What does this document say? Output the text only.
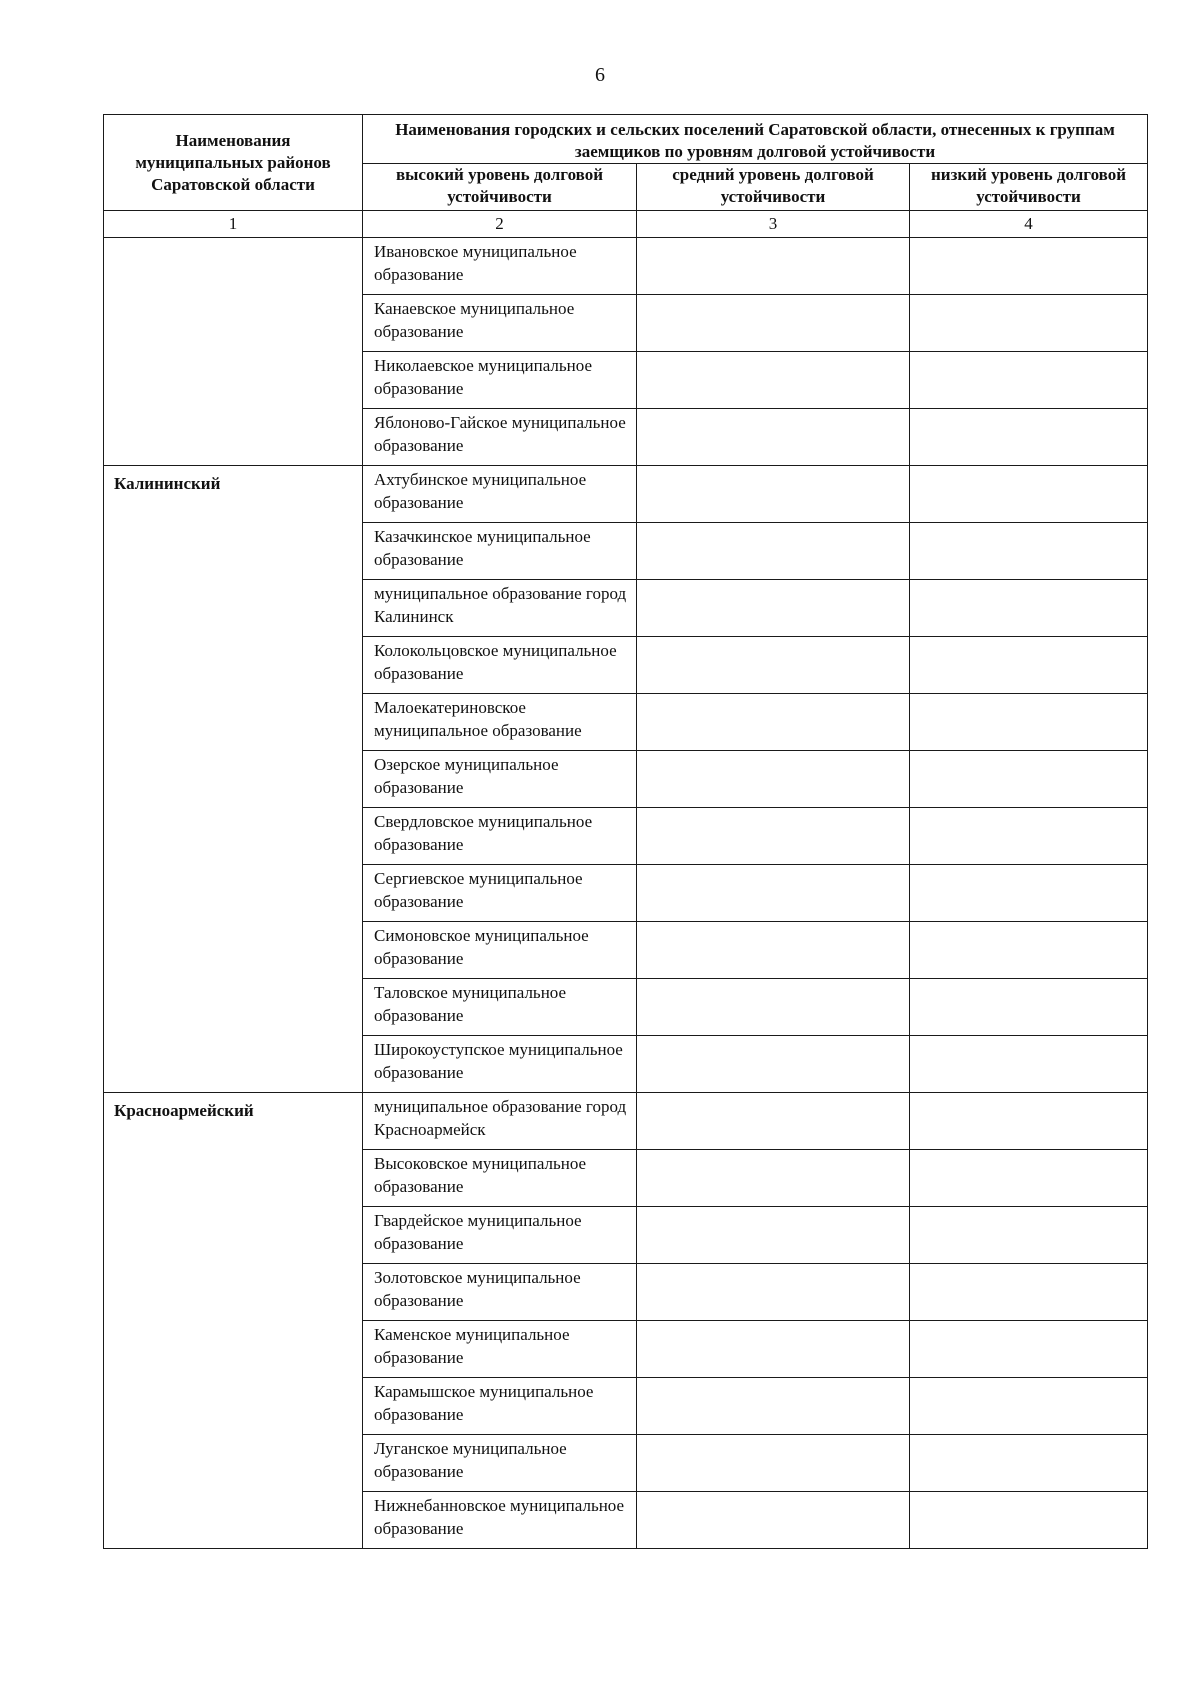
6
Наименования муниципальных районов Саратовской области	Наименования городских и сельских поселений Саратовской области, отнесенных к группам заемщиков по уровням долговой устойчивости		
	высокий уровень долговой устойчивости	средний уровень долговой устойчивости	низкий уровень долговой устойчивости
1	2	3	4
	Ивановское муниципальное образование		
	Канаевское муниципальное образование		
	Николаевское муниципальное образование		
	Яблоново-Гайское муниципальное образование		
Калининский	Ахтубинское муниципальное образование		
	Казачкинское муниципальное образование		
	муниципальное образование город Калининск		
	Колокольцовское муниципальное образование		
	Малоекатериновское муниципальное образование		
	Озерское муниципальное образование		
	Свердловское муниципальное образование		
	Сергиевское муниципальное образование		
	Симоновское муниципальное образование		
	Таловское муниципальное образование		
	Широкоуступское муниципальное образование		
Красноармейский	муниципальное образование город Красноармейск		
	Высоковское муниципальное образование		
	Гвардейское муниципальное образование		
	Золотовское муниципальное образование		
	Каменское муниципальное образование		
	Карамышское муниципальное образование		
	Луганское муниципальное образование		
	Нижнебанновское муниципальное образование		
